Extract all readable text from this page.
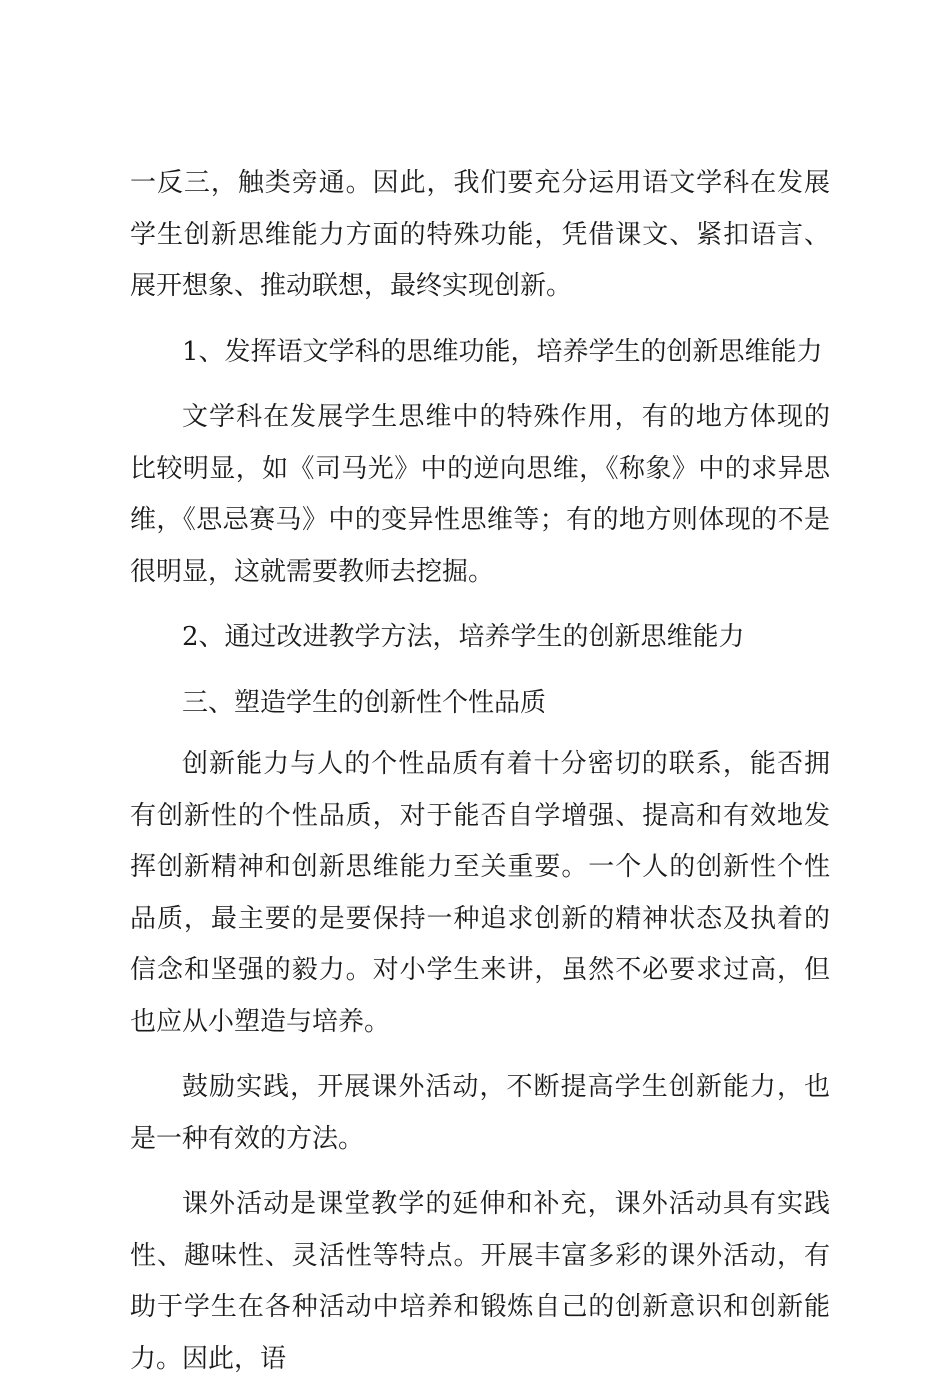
一反三，触类旁通。因此，我们要充分运用语文学科在发展学生创新思维能力方面的特殊功能，凭借课文、紧扣语言、展开想象、推动联想，最终实现创新。

1、发挥语文学科的思维功能，培养学生的创新思维能力

文学科在发展学生思维中的特殊作用，有的地方体现的比较明显，如《司马光》中的逆向思维，《称象》中的求异思维，《思忌赛马》中的变异性思维等；有的地方则体现的不是很明显，这就需要教师去挖掘。

2、通过改进教学方法，培养学生的创新思维能力

三、塑造学生的创新性个性品质

创新能力与人的个性品质有着十分密切的联系，能否拥有创新性的个性品质，对于能否自学增强、提高和有效地发挥创新精神和创新思维能力至关重要。一个人的创新性个性品质，最主要的是要保持一种追求创新的精神状态及执着的信念和坚强的毅力。对小学生来讲，虽然不必要求过高，但也应从小塑造与培养。

鼓励实践，开展课外活动，不断提高学生创新能力，也是一种有效的方法。

课外活动是课堂教学的延伸和补充，课外活动具有实践性、趣味性、灵活性等特点。开展丰富多彩的课外活动，有助于学生在各种活动中培养和锻炼自己的创新意识和创新能力。因此，语
